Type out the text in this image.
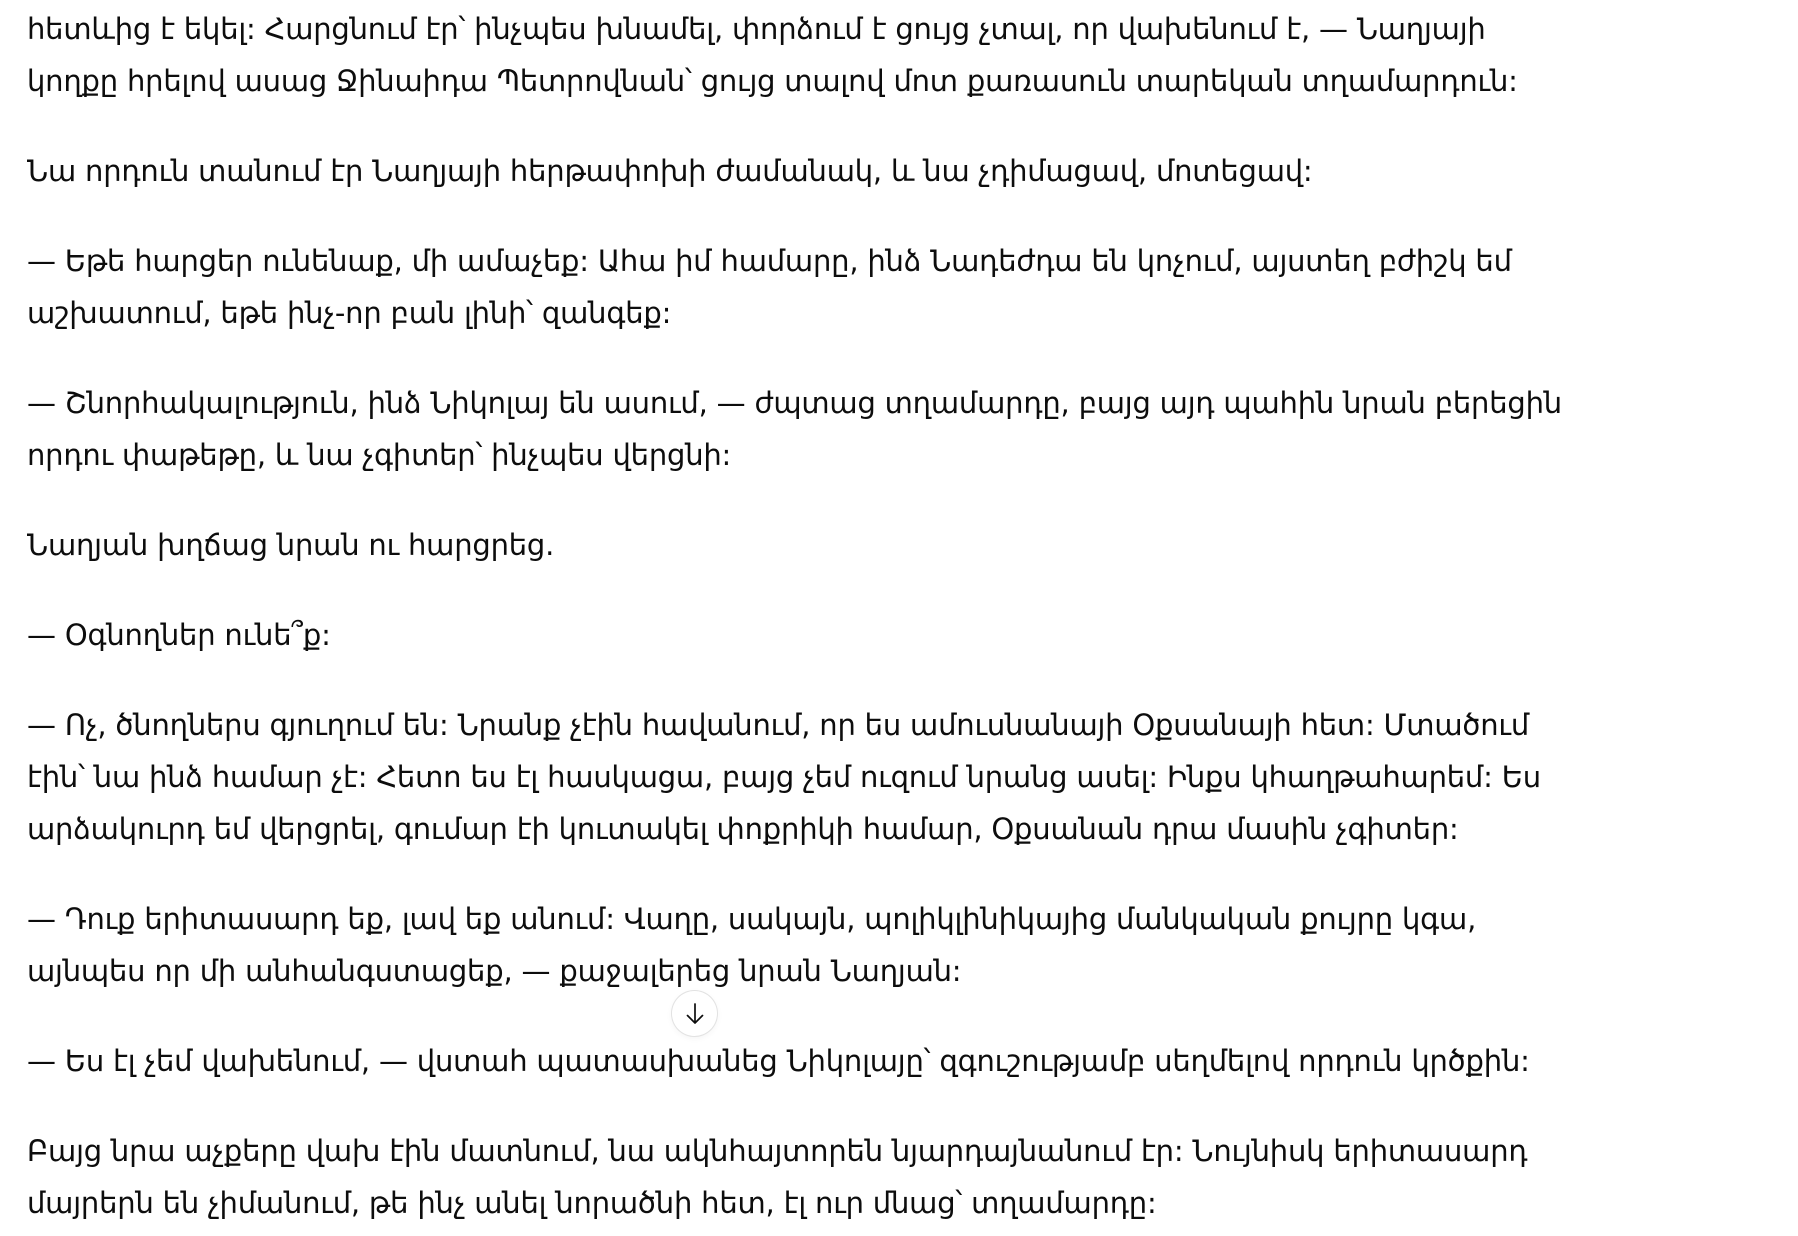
հետևից է եկել: Հարցնում էր՝ ինչպես խնամել, փորձում է ցույց չտալ, որ վախենում է, — Նաղյայի
կողքը հրելով ասաց Ջինաիդա Պետրովնան՝ ցույց տալով մոտ քառասուն տարեկան տղամարդուն:
Նա որդուն տանում էր Նաղյայի հերթափոխի ժամանակ, և նա չդիմացավ, մոտեցավ:
— Եթե հարցեր ունենաք, մի ամաչեք: Ահա իմ համարը, ինձ Նադեժդա են կոչում, այստեղ բժիշկ եմ
աշխատում, եթե ինչ-որ բան լինի՝ զանգեք:
— Շնորհակալություն, ինձ Նիկոլայ են ասում, — ժպտաց տղամարդը, բայց այդ պահին նրան բերեցին
որդու փաթեթը, և նա չգիտեր՝ ինչպես վերցնի:
Նաղյան խղճաց նրան ու հարցրեց.
— Օգնողներ ունե՞ք:
— Ոչ, ծնողներս գյուղում են: Նրանք չէին հավանում, որ ես ամուսնանայի Օքսանայի հետ: Մտածում
էին՝ նա ինձ համար չէ: Հետո ես էլ հասկացա, բայց չեմ ուզում նրանց ասել: Ինքս կհաղթահարեմ: Ես
արձակուրդ եմ վերցրել, գումար էի կուտակել փոքրիկի համար, Օքսանան դրա մասին չգիտեր:
— Դուք երիտասարդ եք, լավ եք անում: Վաղը, սակայն, պոլիկլինիկայից մանկական քույրը կգա,
այնպես որ մի անհանգստացեք, — քաջալերեց նրան Նաղյան:
— Ես էլ չեմ վախենում, — վստահ պատասխանեց Նիկոլայը՝ զգուշությամբ սեղմելով որդուն կրծքին:
Բայց նրա աչքերը վախ էին մատնում, նա ակնհայտորեն նյարդայնանում էր: Նույնիսկ երիտասարդ
մայրերն են չիմանում, թե ինչ անել նորածնի հետ, էլ ուր մնաց՝ տղամարդը:
